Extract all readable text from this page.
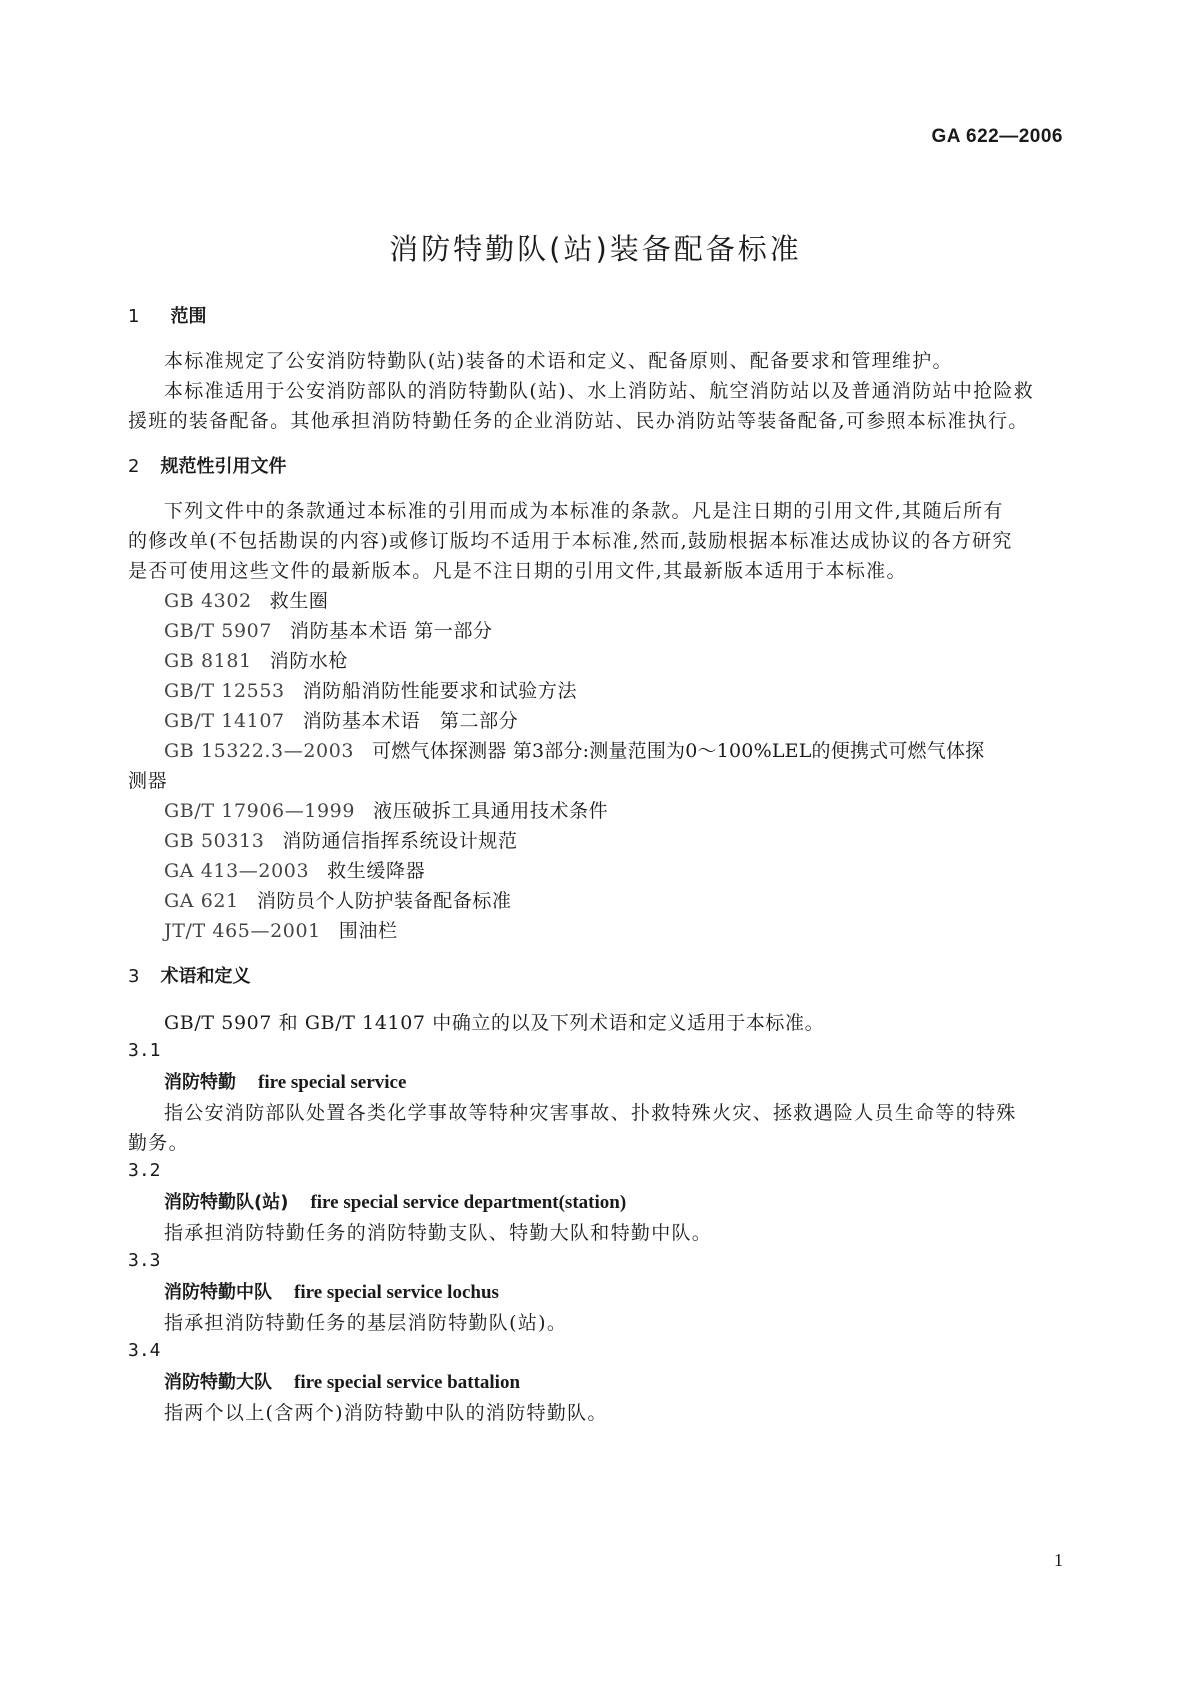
GA 622—2006
消防特勤队(站)装备配备标准
1 范围
本标准规定了公安消防特勤队(站)装备的术语和定义、配备原则、配备要求和管理维护。
本标准适用于公安消防部队的消防特勤队(站)、水上消防站、航空消防站以及普通消防站中抢险救
援班的装备配备。其他承担消防特勤任务的企业消防站、民办消防站等装备配备,可参照本标准执行。
2 规范性引用文件
下列文件中的条款通过本标准的引用而成为本标准的条款。凡是注日期的引用文件,其随后所有
的修改单(不包括勘误的内容)或修订版均不适用于本标准,然而,鼓励根据本标准达成协议的各方研究
是否可使用这些文件的最新版本。凡是不注日期的引用文件,其最新版本适用于本标准。
GB 4302 救生圈
GB/T 5907 消防基本术语 第一部分
GB 8181 消防水枪
GB/T 12553 消防船消防性能要求和试验方法
GB/T 14107 消防基本术语　第二部分
GB 15322.3—2003 可燃气体探测器 第3部分:测量范围为0～100%LEL的便携式可燃气体探
测器
GB/T 17906—1999 液压破拆工具通用技术条件
GB 50313 消防通信指挥系统设计规范
GA 413—2003 救生缓降器
GA 621 消防员个人防护装备配备标准
JT/T 465—2001 围油栏
3 术语和定义
GB/T 5907 和 GB/T 14107 中确立的以及下列术语和定义适用于本标准。
3.1
消防特勤 fire special service
指公安消防部队处置各类化学事故等特种灾害事故、扑救特殊火灾、拯救遇险人员生命等的特殊
勤务。
3.2
消防特勤队(站) fire special service department(station)
指承担消防特勤任务的消防特勤支队、特勤大队和特勤中队。
3.3
消防特勤中队 fire special service lochus
指承担消防特勤任务的基层消防特勤队(站)。
3.4
消防特勤大队 fire special service battalion
指两个以上(含两个)消防特勤中队的消防特勤队。
1
